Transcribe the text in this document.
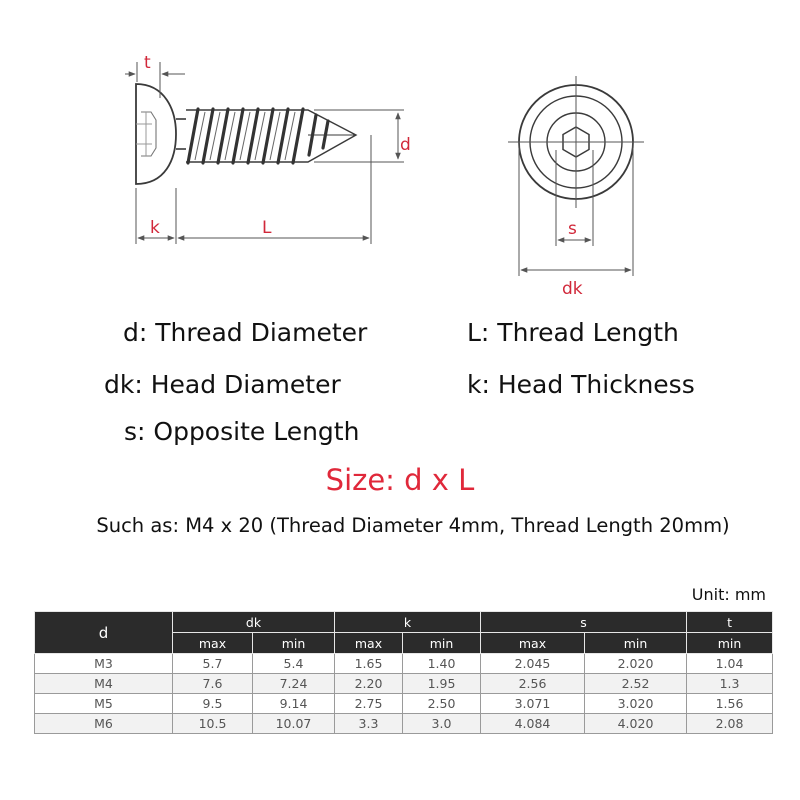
t
d
k	L	s
dk
d: Thread Diameter	L: Thread Length
dk: Head Diameter	k: Head Thickness
s: Opposite Length
Size: d x L
Such as: M4 x 20 (Thread Diameter 4mm, Thread Length 20mm)
Unit: mm
d	dk		k		s		t
	max	min	max	min	max	min	min
M3	5.7	5.4	1.65	1.40	2.045	2.020	1.04
M4	7.6	7.24	2.20	1.95	2.56	2.52	1.3
M5	9.5	9.14	2.75	2.50	3.071	3.020	1.56
M6	10.5	10.07	3.3	3.0	4.084	4.020	2.08
